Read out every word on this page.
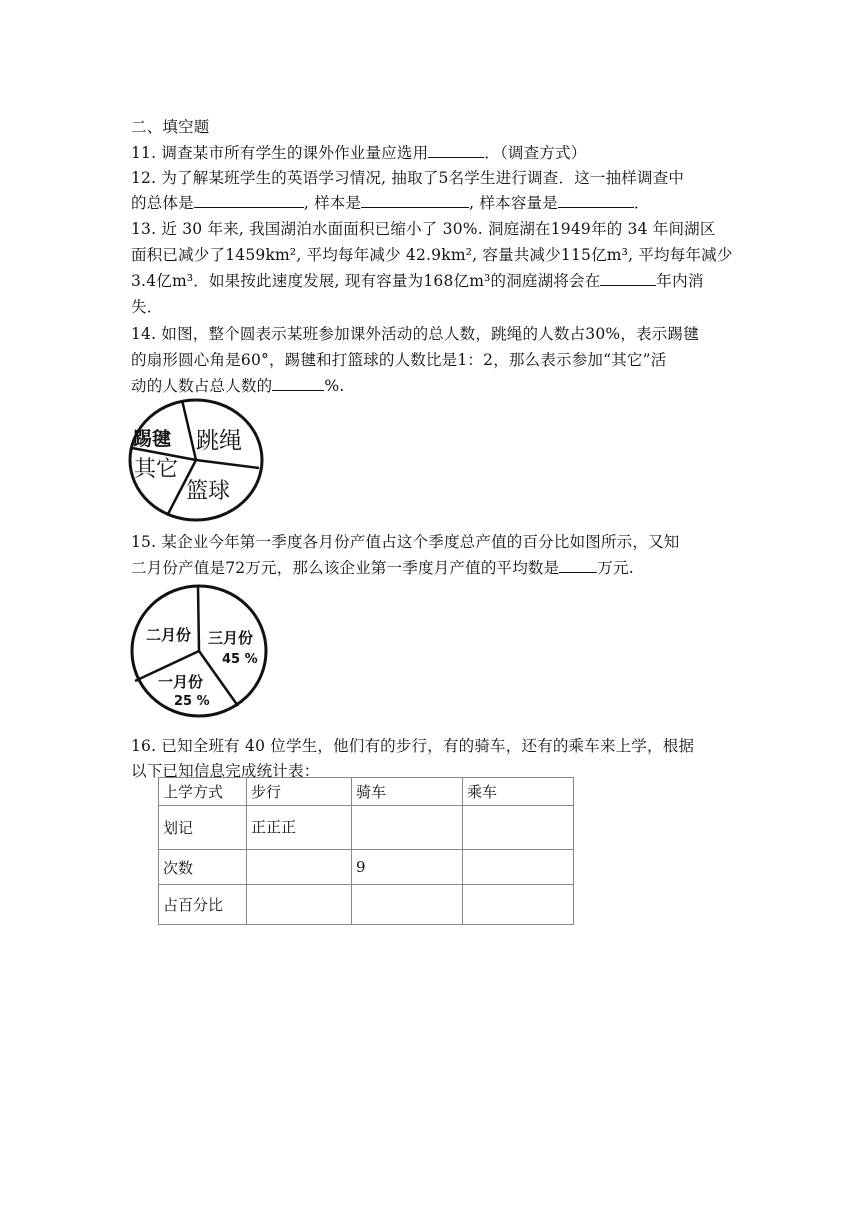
二、填空题
11. 调查某市所有学生的课外作业量应选用	．（调查方式）
12. 为了解某班学生的英语学习情况, 抽取了5名学生进行调查．这一抽样调查中
的总体是	, 样本是	, 样本容量是	．
13. 近 30 年来, 我国湖泊水面面积已缩小了 30%. 洞庭湖在1949年的 34 年间湖区
面积已减少了1459km², 平均每年减少 42.9km², 容量共减少115亿m³, 平均每年减少
3.4亿m³．如果按此速度发展, 现有容量为168亿m³的洞庭湖将会在	年内消
失．
14. 如图，整个圆表示某班参加课外活动的总人数，跳绳的人数占30%，表示踢毽
的扇形圆心角是60°，踢毽和打篮球的人数比是1：2，那么表示参加“其它”活
动的人数占总人数的	%.
踢毽 跳绳
其它
篮球
15. 某企业今年第一季度各月份产值占这个季度总产值的百分比如图所示，又知
二月份产值是72万元，那么该企业第一季度月产值的平均数是 万元.
二月份 三月份
45 %
一月份
25 %
16. 已知全班有 40 位学生，他们有的步行，有的骑车，还有的乘车来上学，根据
以下已知信息完成统计表：
上学方式	步行	骑车	乘车
划记	正正正		
次数		9	
占百分比			
